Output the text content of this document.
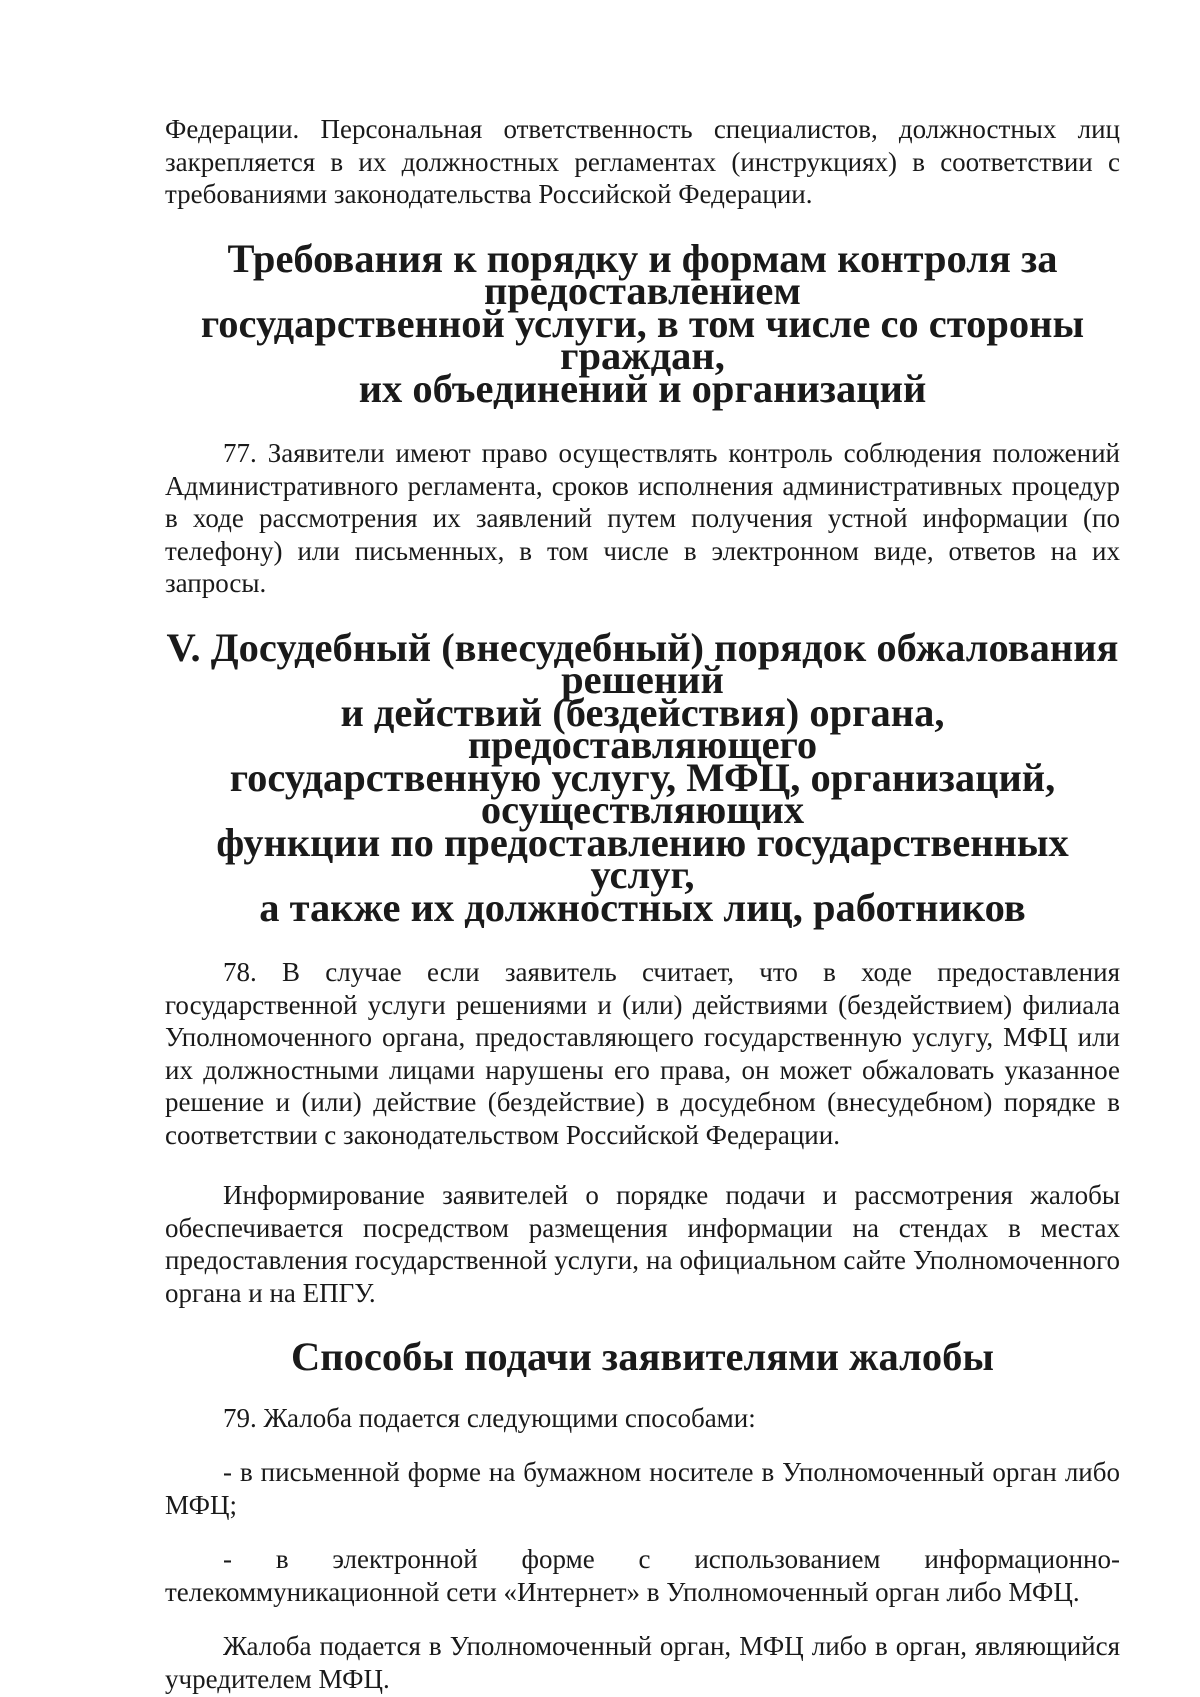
Федерации. Персональная ответственность специалистов, должностных лиц закрепляется в их должностных регламентах (инструкциях) в соответствии с требованиями законодательства Российской Федерации.

Требования к порядку и формам контроля за предоставлением
государственной услуги, в том числе со стороны граждан,
их объединений и организаций

77. Заявители имеют право осуществлять контроль соблюдения положений Административного регламента, сроков исполнения административных процедур в ходе рассмотрения их заявлений путем получения устной информации (по телефону) или письменных, в том числе в электронном виде, ответов на их запросы.

V. Досудебный (внесудебный) порядок обжалования решений
и действий (бездействия) органа, предоставляющего
государственную услугу, МФЦ, организаций, осуществляющих
функции по предоставлению государственных услуг,
а также их должностных лиц, работников

78. В случае если заявитель считает, что в ходе предоставления государственной услуги решениями и (или) действиями (бездействием) филиала Уполномоченного органа, предоставляющего государственную услугу, МФЦ или их должностными лицами нарушены его права, он может обжаловать указанное решение и (или) действие (бездействие) в досудебном (внесудебном) порядке в соответствии с законодательством Российской Федерации.

Информирование заявителей о порядке подачи и рассмотрения жалобы обеспечивается посредством размещения информации на стендах в местах предоставления государственной услуги, на официальном сайте Уполномоченного органа и на ЕПГУ.

Способы подачи заявителями жалобы

79. Жалоба подается следующими способами:

- в письменной форме на бумажном носителе в Уполномоченный орган либо МФЦ;

- в электронной форме с использованием информационно-телекоммуникационной сети «Интернет» в Уполномоченный орган либо МФЦ.

Жалоба подается в Уполномоченный орган, МФЦ либо в орган, являющийся учредителем МФЦ.
